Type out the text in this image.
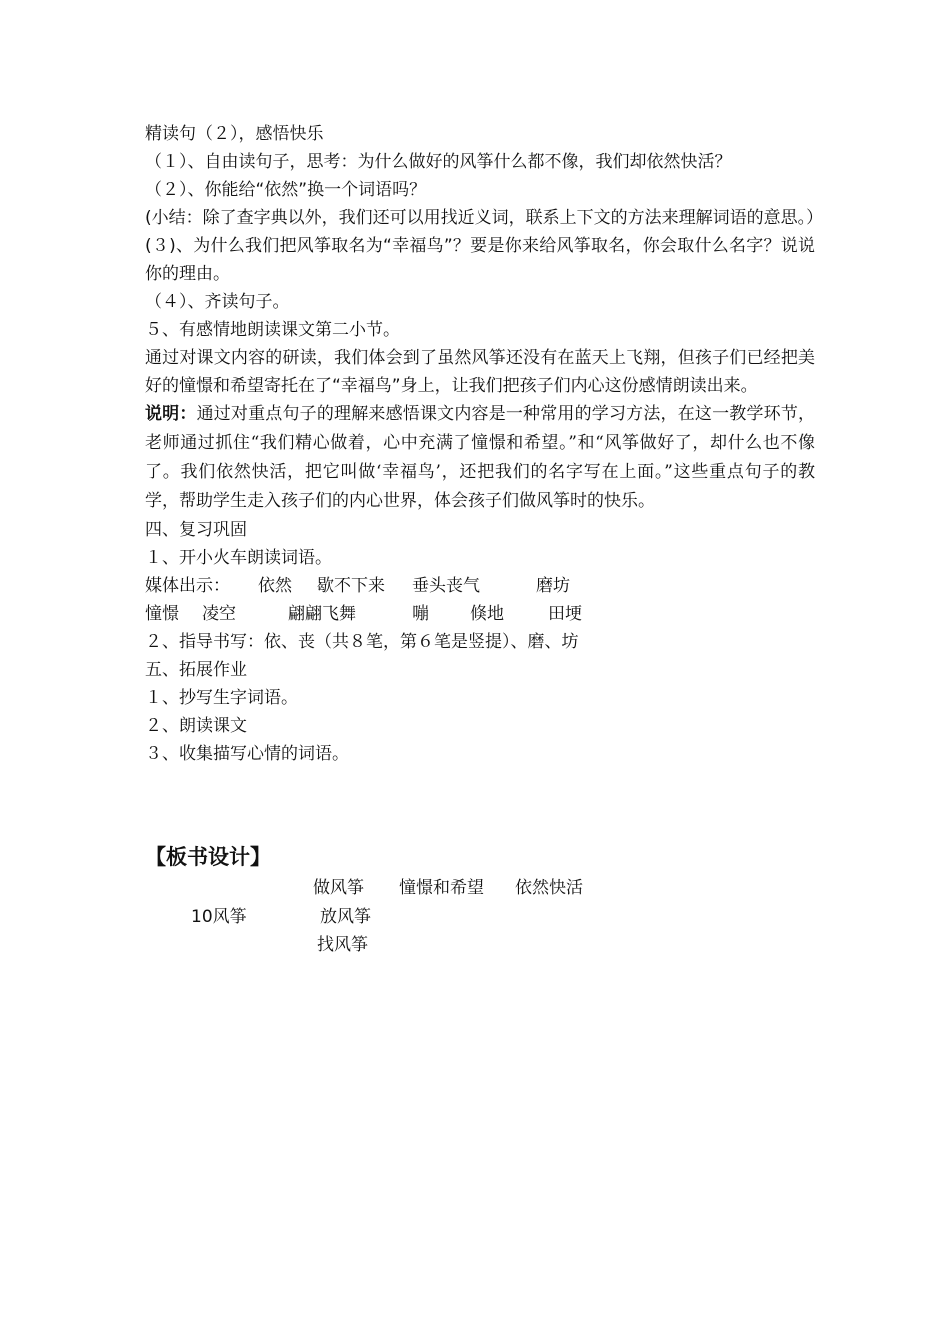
精读句（２），感悟快乐
（１）、自由读句子，思考：为什么做好的风筝什么都不像，我们却依然快活？
（２）、你能给“依然”换一个词语吗？
(小结：除了查字典以外，我们还可以用找近义词，联系上下文的方法来理解词语的意思。）
(３)、为什么我们把风筝取名为“幸福鸟”？要是你来给风筝取名，你会取什么名字？说说你的理由。
（４）、齐读句子。
５、有感情地朗读课文第二小节。
通过对课文内容的研读，我们体会到了虽然风筝还没有在蓝天上飞翔，但孩子们已经把美好的憧憬和希望寄托在了“幸福鸟”身上，让我们把孩子们内心这份感情朗读出来。
说明：通过对重点句子的理解来感悟课文内容是一种常用的学习方法，在这一教学环节，老师通过抓住“我们精心做着，心中充满了憧憬和希望。”和“风筝做好了，却什么也不像了。我们依然快活，把它叫做‘幸福鸟’，还把我们的名字写在上面。”这些重点句子的教学，帮助学生走入孩子们的内心世界，体会孩子们做风筝时的快乐。
四、复习巩固
１、开小火车朗读词语。
媒体出示： 依然 歇不下来 垂头丧气	磨坊
憧憬 凌空	翩翩飞舞	嘣 倏地	田埂
２、指导书写：依、丧（共８笔，第６笔是竖提）、磨、坊
五、拓展作业
１、抄写生字词语。
２、朗读课文
３、收集描写心情的词语。
【板书设计】
做风筝 憧憬和希望 依然快活
10风筝	放风筝
找风筝
